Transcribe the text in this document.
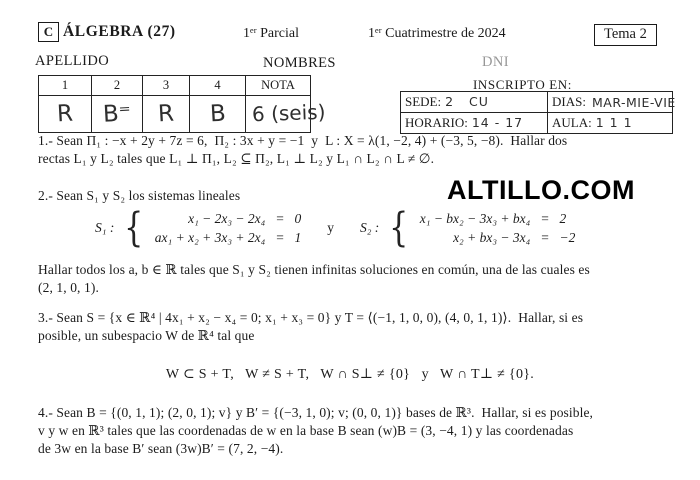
C ÁLGEBRA (27)	1ᵉʳ Parcial	1ᵉʳ Cuatrimestre de 2024	Tema 2
APELLIDO	NOMBRES	DNI
1	2	3	4	NOTA
R	B⁼	R	B	6 (seis)
INSCRIPTO EN:
SEDE: 2   CU	DIAS: MAR-MIE-VIE

HORARIO: 14 - 17	AULA: 1 1 1
ALTILLO.COM
1.- Sean Π₁ : −x + 2y + 7z = 6,  Π₂ : 3x + y = −1  y  L : X = λ(1, −2, 4) + (−3, 5, −8).  Hallar dos
rectas L₁ y L₂ tales que L₁ ⊥ Π₁, L₂ ⊆ Π₂, L₁ ⊥ L₂ y L₁ ∩ L₂ ∩ L ≠ ∅.
2.- Sean S₁ y S₂ los sistemas lineales
S₁ : {	x₁ − 2x₃ − 2x₄ = 0
ax₁ + x₂ + 3x₃ + 2x₄ = 1
y S₂ : { x₁ − bx₂ − 3x₃ + bx₄ = 2
x₂ + bx₃ − 3x₄ = −2
Hallar todos los a, b ∈ ℝ tales que S₁ y S₂ tienen infinitas soluciones en común, una de las cuales es
(2, 1, 0, 1).
3.- Sean S = {x ∈ ℝ⁴ | 4x₁ + x₂ − x₄ = 0; x₁ + x₃ = 0} y T = ⟨(−1, 1, 0, 0), (4, 0, 1, 1)⟩.  Hallar, si es
posible, un subespacio W de ℝ⁴ tal que
W ⊂ S + T,   W ≠ S + T,   W ∩ S⊥ ≠ {0}   y   W ∩ T⊥ ≠ {0}.
4.- Sean B = {(0, 1, 1); (2, 0, 1); v} y B′ = {(−3, 1, 0); v; (0, 0, 1)} bases de ℝ³.  Hallar, si es posible,
v y w en ℝ³ tales que las coordenadas de w en la base B sean (w)B = (3, −4, 1) y las coordenadas
de 3w en la base B′ sean (3w)B′ = (7, 2, −4).
